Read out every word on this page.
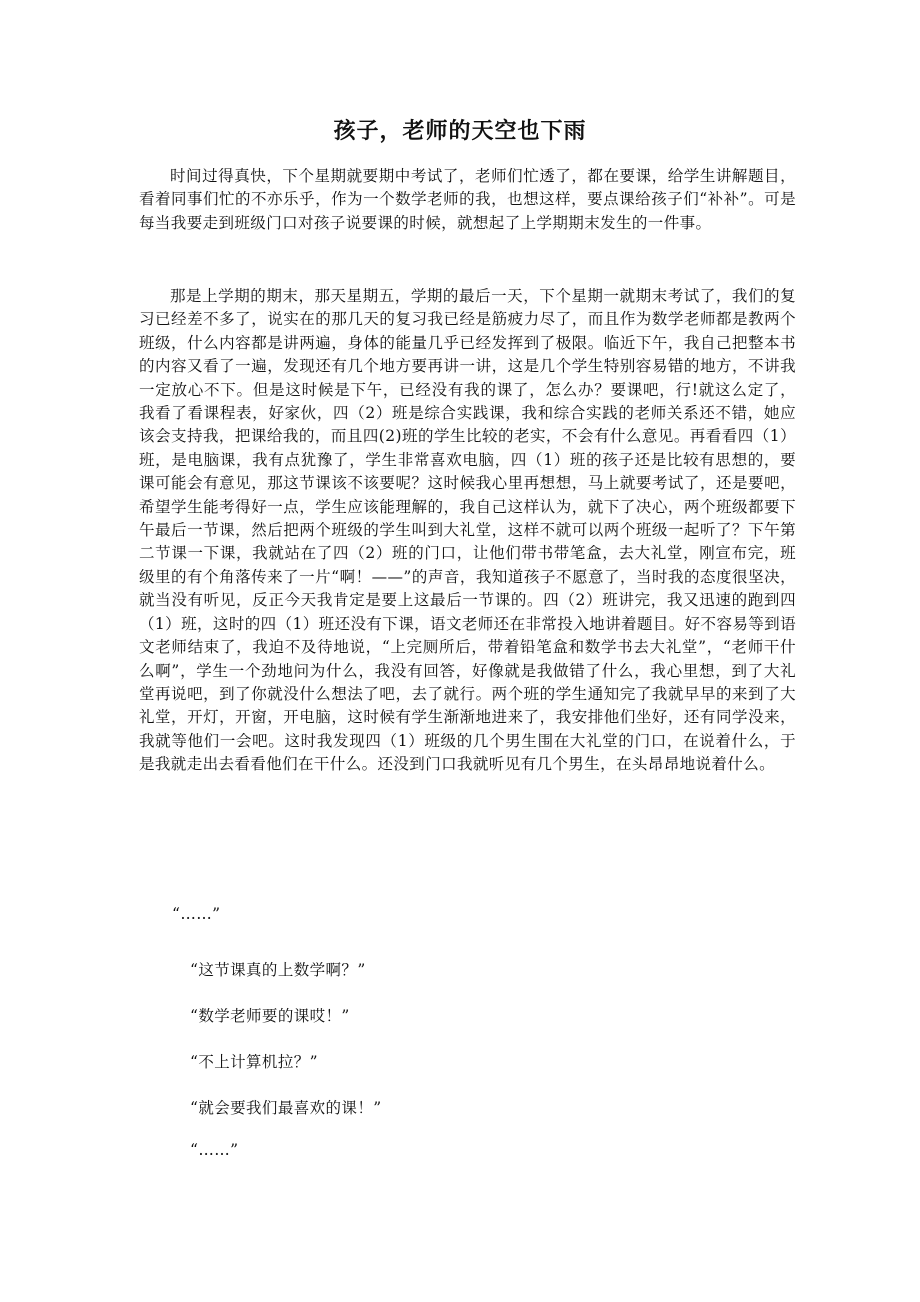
孩子，老师的天空也下雨

时间过得真快，下个星期就要期中考试了，老师们忙透了，都在要课，给学生讲解题目，看着同事们忙的不亦乐乎，作为一个数学老师的我，也想这样，要点课给孩子们“补补”。可是每当我要走到班级门口对孩子说要课的时候，就想起了上学期期末发生的一件事。

那是上学期的期末，那天星期五，学期的最后一天，下个星期一就期末考试了，我们的复习已经差不多了，说实在的那几天的复习我已经是筋疲力尽了，而且作为数学老师都是教两个班级，什么内容都是讲两遍，身体的能量几乎已经发挥到了极限。临近下午，我自己把整本书的内容又看了一遍，发现还有几个地方要再讲一讲，这是几个学生特别容易错的地方，不讲我一定放心不下。但是这时候是下午，已经没有我的课了，怎么办？要课吧，行!就这么定了，我看了看课程表，好家伙，四（2）班是综合实践课，我和综合实践的老师关系还不错，她应该会支持我，把课给我的，而且四(2)班的学生比较的老实，不会有什么意见。再看看四（1）班，是电脑课，我有点犹豫了，学生非常喜欢电脑，四（1）班的孩子还是比较有思想的，要课可能会有意见，那这节课该不该要呢？这时候我心里再想想，马上就要考试了，还是要吧，希望学生能考得好一点，学生应该能理解的，我自己这样认为，就下了决心，两个班级都要下午最后一节课，然后把两个班级的学生叫到大礼堂，这样不就可以两个班级一起听了？下午第二节课一下课，我就站在了四（2）班的门口，让他们带书带笔盒，去大礼堂，刚宣布完，班级里的有个角落传来了一片“啊！——”的声音，我知道孩子不愿意了，当时我的态度很坚决，就当没有听见，反正今天我肯定是要上这最后一节课的。四（2）班讲完，我又迅速的跑到四（1）班，这时的四（1）班还没有下课，语文老师还在非常投入地讲着题目。好不容易等到语文老师结束了，我迫不及待地说，“上完厕所后，带着铅笔盒和数学书去大礼堂”，“老师干什么啊”，学生一个劲地问为什么，我没有回答，好像就是我做错了什么，我心里想，到了大礼堂再说吧，到了你就没什么想法了吧，去了就行。两个班的学生通知完了我就早早的来到了大礼堂，开灯，开窗，开电脑，这时候有学生渐渐地进来了，我安排他们坐好，还有同学没来，我就等他们一会吧。这时我发现四（1）班级的几个男生围在大礼堂的门口，在说着什么，于是我就走出去看看他们在干什么。还没到门口我就听见有几个男生，在头昂昂地说着什么。

“……”

“这节课真的上数学啊？”

“数学老师要的课哎！”

“不上计算机拉？”

“就会要我们最喜欢的课！”

“……”
